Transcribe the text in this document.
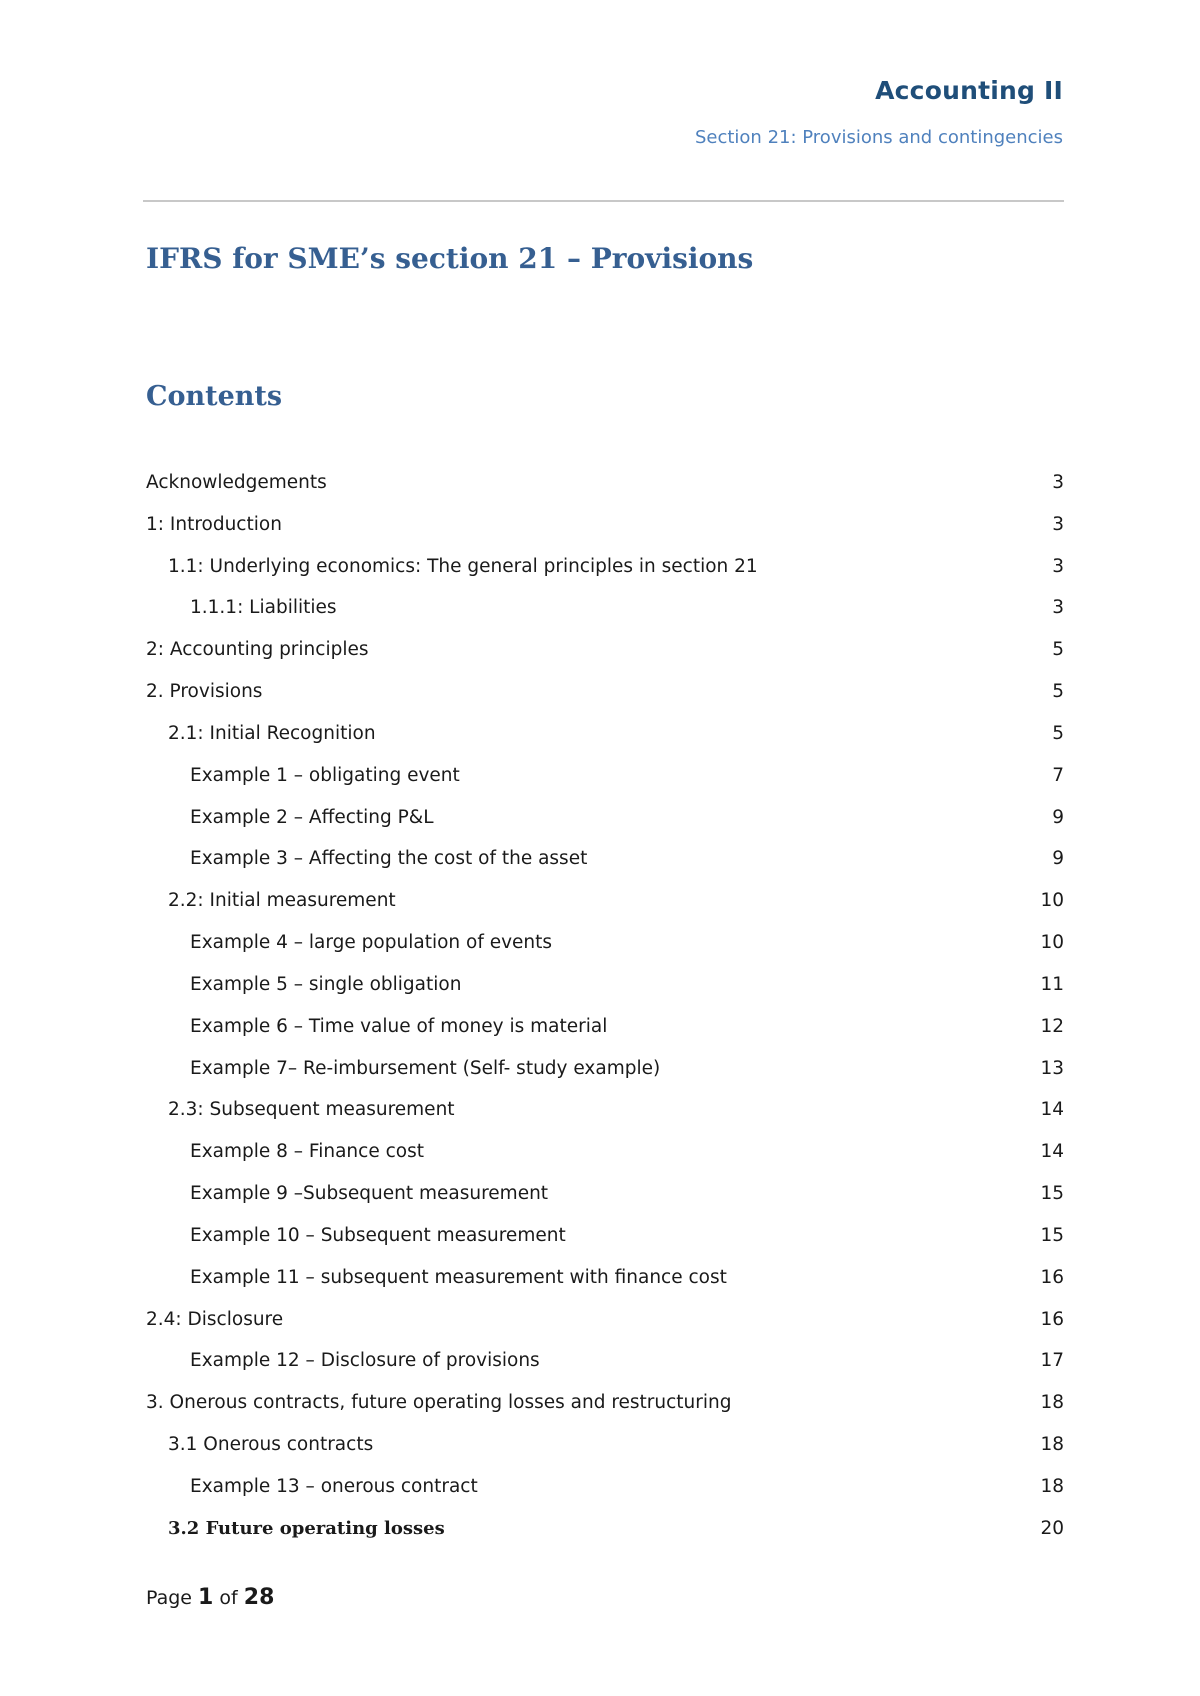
Accounting II
Section 21: Provisions and contingencies
IFRS for SME’s section 21 – Provisions
Contents
Acknowledgements	3
1: Introduction	3
1.1: Underlying economics: The general principles in section 21	3
1.1.1: Liabilities	3
2: Accounting principles	5
2. Provisions	5
2.1: Initial Recognition	5
Example 1 – obligating event	7
Example 2 – Affecting P&L	9
Example 3 – Affecting the cost of the asset	9
2.2: Initial measurement	10
Example 4 – large population of events	10
Example 5 – single obligation	11
Example 6 – Time value of money is material	12
Example 7– Re-imbursement (Self- study example)	13
2.3: Subsequent measurement	14
Example 8 – Finance cost	14
Example 9 –Subsequent measurement	15
Example 10 – Subsequent measurement	15
Example 11 – subsequent measurement with finance cost	16
2.4: Disclosure	16
Example 12 – Disclosure of provisions	17
3. Onerous contracts, future operating losses and restructuring	18
3.1 Onerous contracts	18
Example 13 – onerous contract	18
3.2 Future operating losses	20
Page 1 of 28
